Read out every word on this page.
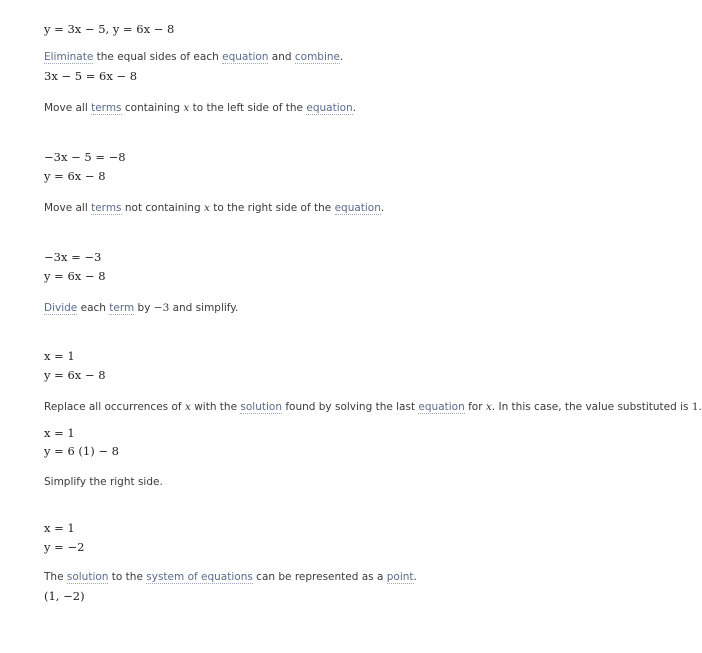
y = 3x − 5, y = 6x − 8
Eliminate the equal sides of each equation and combine.
3x − 5 = 6x − 8
Move all terms containing x to the left side of the equation.
−3x − 5 = −8
y = 6x − 8
Move all terms not containing x to the right side of the equation.
−3x = −3
y = 6x − 8
Divide each term by −3 and simplify.
x = 1
y = 6x − 8
Replace all occurrences of x with the solution found by solving the last equation for x. In this case, the value substituted is 1.
x = 1
y = 6 (1) − 8
Simplify the right side.
x = 1
y = −2
The solution to the system of equations can be represented as a point.
(1, −2)
